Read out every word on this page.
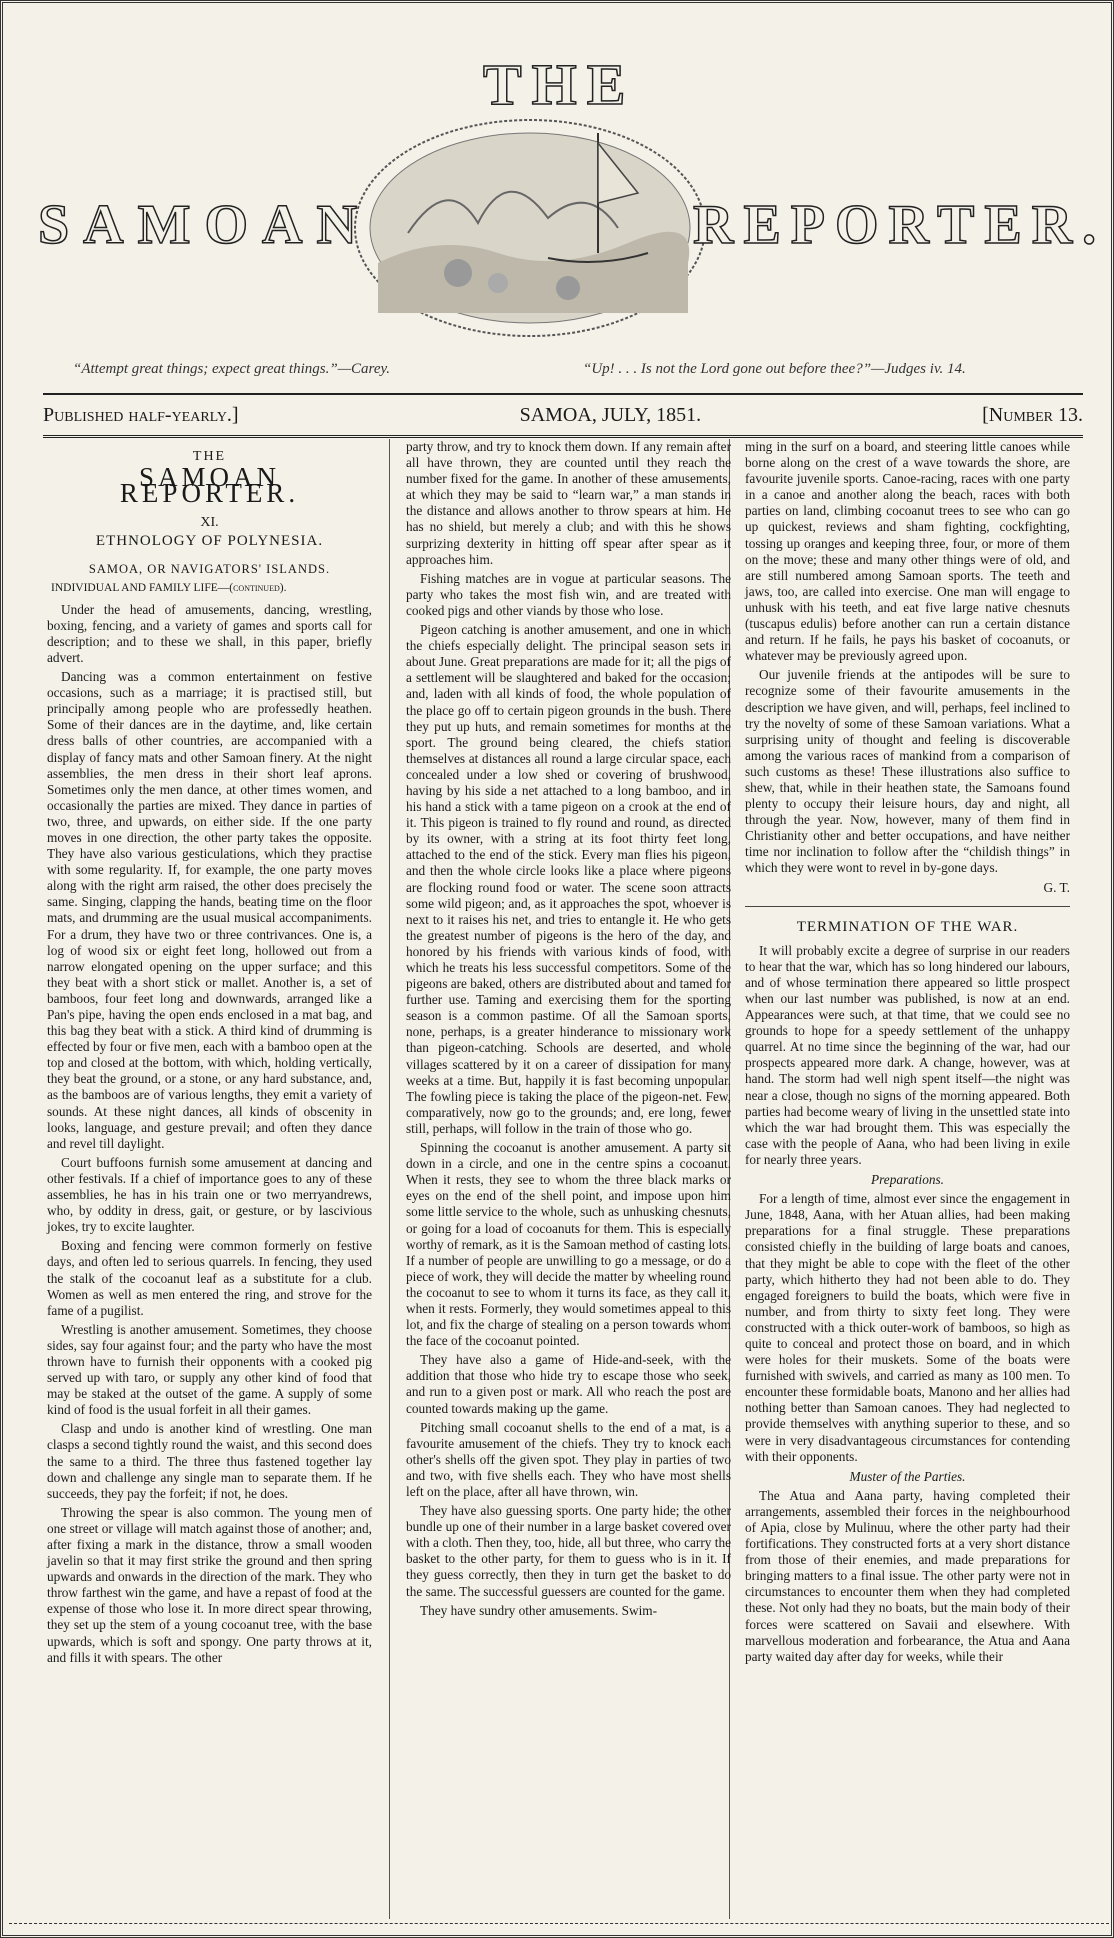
THE
SAMOAN	REPORTER.
“Attempt great things; expect great things.”—Carey.	“Up! . . . Is not the Lord gone out before thee?”—Judges iv. 14.
Published half-yearly.]	SAMOA, JULY, 1851.	[Number 13.
THE
SAMOAN REPORTER.
XI.
ETHNOLOGY OF POLYNESIA.
SAMOA, OR NAVIGATORS' ISLANDS.
INDIVIDUAL AND FAMILY LIFE—(continued).

Under the head of amusements, dancing, wrestling, boxing, fencing, and a variety of games and sports call for description; and to these we shall, in this paper, briefly advert.

Dancing was a common entertainment on festive occasions, such as a marriage; it is practised still, but principally among people who are professedly heathen. Some of their dances are in the daytime, and, like certain dress balls of other countries, are accompanied with a display of fancy mats and other Samoan finery. At the night assemblies, the men dress in their short leaf aprons. Sometimes only the men dance, at other times women, and occasionally the parties are mixed. They dance in parties of two, three, and upwards, on either side. If the one party moves in one direction, the other party takes the opposite. They have also various gesticulations, which they practise with some regularity. If, for example, the one party moves along with the right arm raised, the other does precisely the same. Singing, clapping the hands, beating time on the floor mats, and drumming are the usual musical accompaniments. For a drum, they have two or three contrivances. One is, a log of wood six or eight feet long, hollowed out from a narrow elongated opening on the upper surface; and this they beat with a short stick or mallet. Another is, a set of bamboos, four feet long and downwards, arranged like a Pan's pipe, having the open ends enclosed in a mat bag, and this bag they beat with a stick. A third kind of drumming is effected by four or five men, each with a bamboo open at the top and closed at the bottom, with which, holding vertically, they beat the ground, or a stone, or any hard substance, and, as the bamboos are of various lengths, they emit a variety of sounds. At these night dances, all kinds of obscenity in looks, language, and gesture prevail; and often they dance and revel till daylight.

Court buffoons furnish some amusement at dancing and other festivals. If a chief of importance goes to any of these assemblies, he has in his train one or two merryandrews, who, by oddity in dress, gait, or gesture, or by lascivious jokes, try to excite laughter.

Boxing and fencing were common formerly on festive days, and often led to serious quarrels. In fencing, they used the stalk of the cocoanut leaf as a substitute for a club. Women as well as men entered the ring, and strove for the fame of a pugilist.

Wrestling is another amusement. Sometimes, they choose sides, say four against four; and the party who have the most thrown have to furnish their opponents with a cooked pig served up with taro, or supply any other kind of food that may be staked at the outset of the game. A supply of some kind of food is the usual forfeit in all their games.

Clasp and undo is another kind of wrestling. One man clasps a second tightly round the waist, and this second does the same to a third. The three thus fastened together lay down and challenge any single man to separate them. If he succeeds, they pay the forfeit; if not, he does.

Throwing the spear is also common. The young men of one street or village will match against those of another; and, after fixing a mark in the distance, throw a small wooden javelin so that it may first strike the ground and then spring upwards and onwards in the direction of the mark. They who throw farthest win the game, and have a repast of food at the expense of those who lose it. In more direct spear throwing, they set up the stem of a young cocoanut tree, with the base upwards, which is soft and spongy. One party throws at it, and fills it with spears. The other

party throw, and try to knock them down. If any remain after all have thrown, they are counted until they reach the number fixed for the game. In another of these amusements, at which they may be said to “learn war,” a man stands in the distance and allows another to throw spears at him. He has no shield, but merely a club; and with this he shows surprizing dexterity in hitting off spear after spear as it approaches him.

Fishing matches are in vogue at particular seasons. The party who takes the most fish win, and are treated with cooked pigs and other viands by those who lose.

Pigeon catching is another amusement, and one in which the chiefs especially delight. The principal season sets in about June. Great preparations are made for it; all the pigs of a settlement will be slaughtered and baked for the occasion; and, laden with all kinds of food, the whole population of the place go off to certain pigeon grounds in the bush. There they put up huts, and remain sometimes for months at the sport. The ground being cleared, the chiefs station themselves at distances all round a large circular space, each concealed under a low shed or covering of brushwood, having by his side a net attached to a long bamboo, and in his hand a stick with a tame pigeon on a crook at the end of it. This pigeon is trained to fly round and round, as directed by its owner, with a string at its foot thirty feet long, attached to the end of the stick. Every man flies his pigeon, and then the whole circle looks like a place where pigeons are flocking round food or water. The scene soon attracts some wild pigeon; and, as it approaches the spot, whoever is next to it raises his net, and tries to entangle it. He who gets the greatest number of pigeons is the hero of the day, and honored by his friends with various kinds of food, with which he treats his less successful competitors. Some of the pigeons are baked, others are distributed about and tamed for further use. Taming and exercising them for the sporting season is a common pastime. Of all the Samoan sports, none, perhaps, is a greater hinderance to missionary work than pigeon-catching. Schools are deserted, and whole villages scattered by it on a career of dissipation for many weeks at a time. But, happily it is fast becoming unpopular. The fowling piece is taking the place of the pigeon-net. Few, comparatively, now go to the grounds; and, ere long, fewer still, perhaps, will follow in the train of those who go.

Spinning the cocoanut is another amusement. A party sit down in a circle, and one in the centre spins a cocoanut. When it rests, they see to whom the three black marks or eyes on the end of the shell point, and impose upon him some little service to the whole, such as unhusking chesnuts, or going for a load of cocoanuts for them. This is especially worthy of remark, as it is the Samoan method of casting lots. If a number of people are unwilling to go a message, or do a piece of work, they will decide the matter by wheeling round the cocoanut to see to whom it turns its face, as they call it, when it rests. Formerly, they would sometimes appeal to this lot, and fix the charge of stealing on a person towards whom the face of the cocoanut pointed.

They have also a game of Hide-and-seek, with the addition that those who hide try to escape those who seek, and run to a given post or mark. All who reach the post are counted towards making up the game.

Pitching small cocoanut shells to the end of a mat, is a favourite amusement of the chiefs. They try to knock each other's shells off the given spot. They play in parties of two and two, with five shells each. They who have most shells left on the place, after all have thrown, win.

They have also guessing sports. One party hide; the other bundle up one of their number in a large basket covered over with a cloth. Then they, too, hide, all but three, who carry the basket to the other party, for them to guess who is in it. If they guess correctly, then they in turn get the basket to do the same. The successful guessers are counted for the game.

They have sundry other amusements. Swim-

ming in the surf on a board, and steering little canoes while borne along on the crest of a wave towards the shore, are favourite juvenile sports. Canoe-racing, races with one party in a canoe and another along the beach, races with both parties on land, climbing cocoanut trees to see who can go up quickest, reviews and sham fighting, cockfighting, tossing up oranges and keeping three, four, or more of them on the move; these and many other things were of old, and are still numbered among Samoan sports. The teeth and jaws, too, are called into exercise. One man will engage to unhusk with his teeth, and eat five large native chesnuts (tuscapus edulis) before another can run a certain distance and return. If he fails, he pays his basket of cocoanuts, or whatever may be previously agreed upon.

Our juvenile friends at the antipodes will be sure to recognize some of their favourite amusements in the description we have given, and will, perhaps, feel inclined to try the novelty of some of these Samoan variations. What a surprising unity of thought and feeling is discoverable among the various races of mankind from a comparison of such customs as these! These illustrations also suffice to shew, that, while in their heathen state, the Samoans found plenty to occupy their leisure hours, day and night, all through the year. Now, however, many of them find in Christianity other and better occupations, and have neither time nor inclination to follow after the “childish things” in which they were wont to revel in by-gone days.

G. T.

TERMINATION OF THE WAR.

It will probably excite a degree of surprise in our readers to hear that the war, which has so long hindered our labours, and of whose termination there appeared so little prospect when our last number was published, is now at an end. Appearances were such, at that time, that we could see no grounds to hope for a speedy settlement of the unhappy quarrel. At no time since the beginning of the war, had our prospects appeared more dark. A change, however, was at hand. The storm had well nigh spent itself—the night was near a close, though no signs of the morning appeared. Both parties had become weary of living in the unsettled state into which the war had brought them. This was especially the case with the people of Aana, who had been living in exile for nearly three years.

Preparations.

For a length of time, almost ever since the engagement in June, 1848, Aana, with her Atuan allies, had been making preparations for a final struggle. These preparations consisted chiefly in the building of large boats and canoes, that they might be able to cope with the fleet of the other party, which hitherto they had not been able to do. They engaged foreigners to build the boats, which were five in number, and from thirty to sixty feet long. They were constructed with a thick outer-work of bamboos, so high as quite to conceal and protect those on board, and in which were holes for their muskets. Some of the boats were furnished with swivels, and carried as many as 100 men. To encounter these formidable boats, Manono and her allies had nothing better than Samoan canoes. They had neglected to provide themselves with anything superior to these, and so were in very disadvantageous circumstances for contending with their opponents.

Muster of the Parties.

The Atua and Aana party, having completed their arrangements, assembled their forces in the neighbourhood of Apia, close by Mulinuu, where the other party had their fortifications. They constructed forts at a very short distance from those of their enemies, and made preparations for bringing matters to a final issue. The other party were not in circumstances to encounter them when they had completed these. Not only had they no boats, but the main body of their forces were scattered on Savaii and elsewhere. With marvellous moderation and forbearance, the Atua and Aana party waited day after day for weeks, while their
